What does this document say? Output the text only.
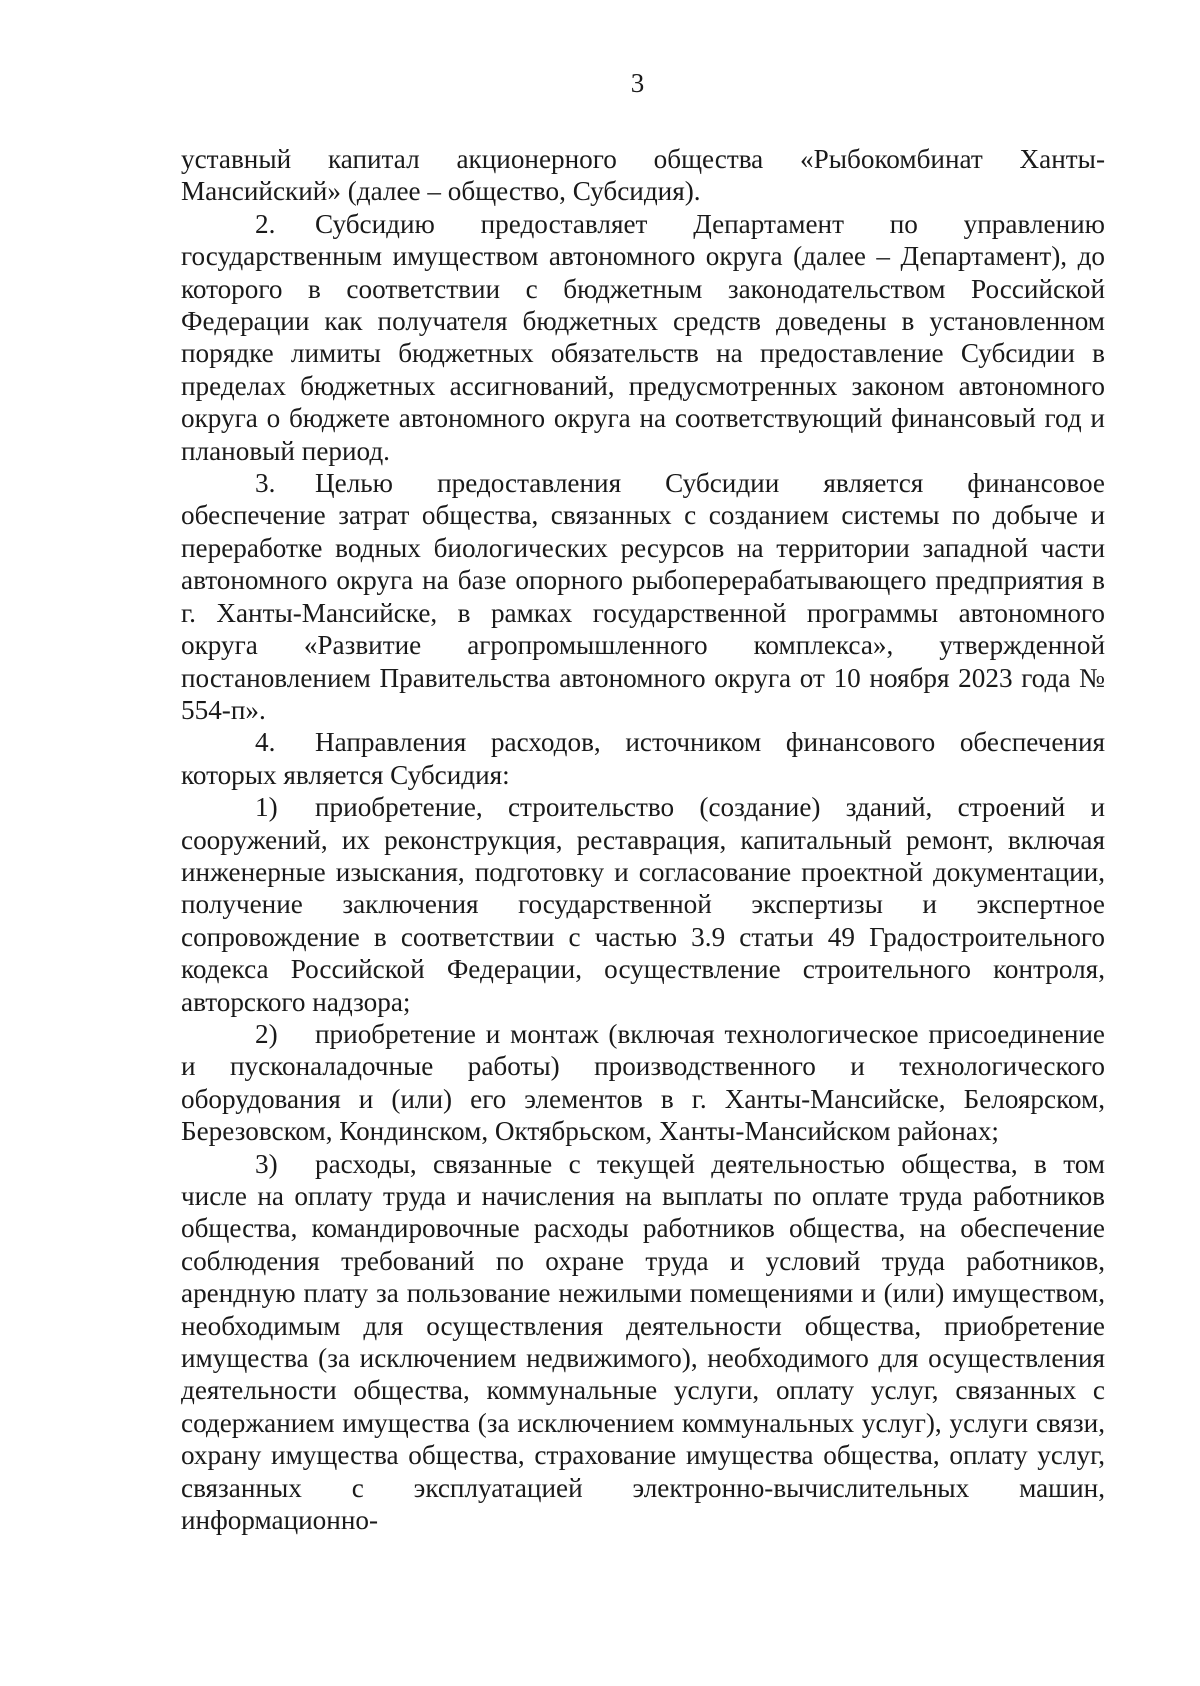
3

уставный капитал акционерного общества «Рыбокомбинат Ханты-Мансийский» (далее – общество, Субсидия).

2. Субсидию предоставляет Департамент по управлению государственным имуществом автономного округа (далее – Департамент), до которого в соответствии с бюджетным законодательством Российской Федерации как получателя бюджетных средств доведены в установленном порядке лимиты бюджетных обязательств на предоставление Субсидии в пределах бюджетных ассигнований, предусмотренных законом автономного округа о бюджете автономного округа на соответствующий финансовый год и плановый период.

3. Целью предоставления Субсидии является финансовое обеспечение затрат общества, связанных с созданием системы по добыче и переработке водных биологических ресурсов на территории западной части автономного округа на базе опорного рыбоперерабатывающего предприятия в г. Ханты-Мансийске, в рамках государственной программы автономного округа «Развитие агропромышленного комплекса», утвержденной постановлением Правительства автономного округа от 10 ноября 2023 года № 554-п».

4. Направления расходов, источником финансового обеспечения которых является Субсидия:

1) приобретение, строительство (создание) зданий, строений и сооружений, их реконструкция, реставрация, капитальный ремонт, включая инженерные изыскания, подготовку и согласование проектной документации, получение заключения государственной экспертизы и экспертное сопровождение в соответствии с частью 3.9 статьи 49 Градостроительного кодекса Российской Федерации, осуществление строительного контроля, авторского надзора;

2) приобретение и монтаж (включая технологическое присоединение и пусконаладочные работы) производственного и технологического оборудования и (или) его элементов в г. Ханты-Мансийске, Белоярском, Березовском, Кондинском, Октябрьском, Ханты-Мансийском районах;

3) расходы, связанные с текущей деятельностью общества, в том числе на оплату труда и начисления на выплаты по оплате труда работников общества, командировочные расходы работников общества, на обеспечение соблюдения требований по охране труда и условий труда работников, арендную плату за пользование нежилыми помещениями и (или) имуществом, необходимым для осуществления деятельности общества, приобретение имущества (за исключением недвижимого), необходимого для осуществления деятельности общества, коммунальные услуги, оплату услуг, связанных с содержанием имущества (за исключением коммунальных услуг), услуги связи, охрану имущества общества, страхование имущества общества, оплату услуг, связанных с эксплуатацией электронно-вычислительных машин, информационно-
